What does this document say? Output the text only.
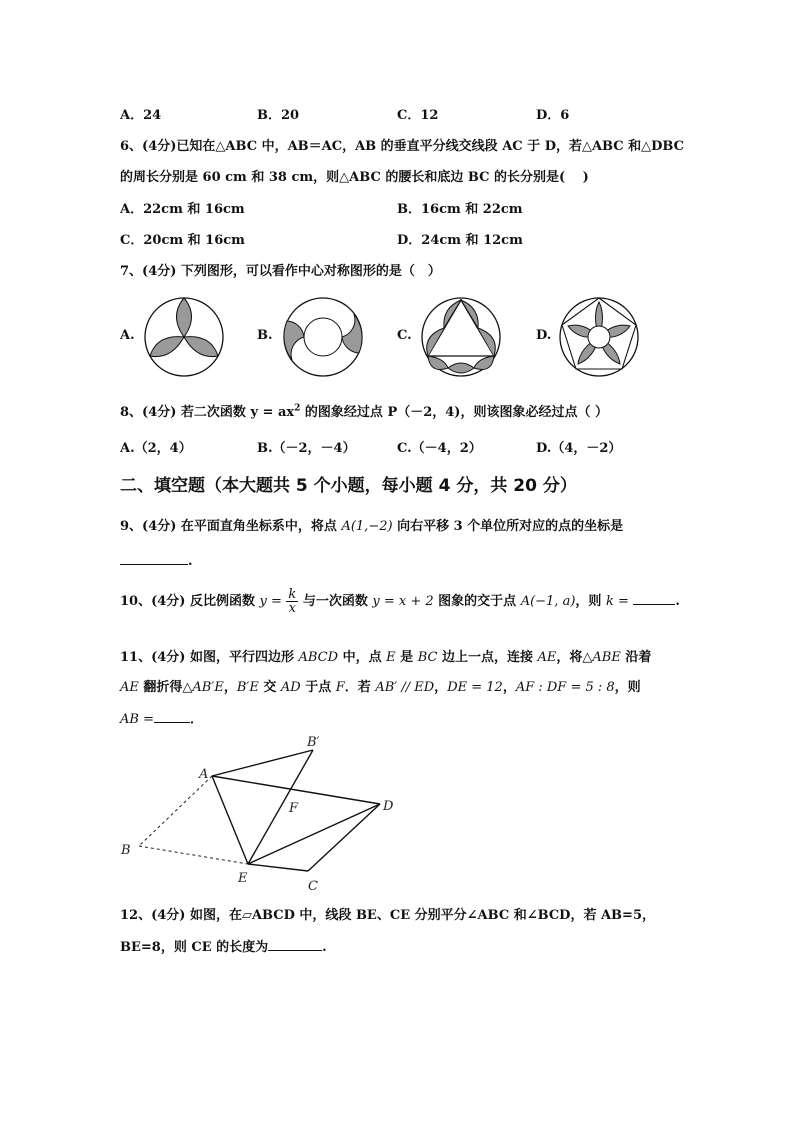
A．24	B．20	C．12	D．6
6、(4分)已知在△ABC 中，AB＝AC，AB 的垂直平分线交线段 AC 于 D，若△ABC 和△DBC
的周长分别是 60 cm 和 38 cm，则△ABC 的腰长和底边 BC 的长分别是(　 )
A．22cm 和 16cm	B．16cm 和 22cm
C．20cm 和 16cm	D．24cm 和 12cm
7、(4分) 下列图形，可以看作中心对称图形的是（　）
A.	B.	C.	D.
8、(4分) 若二次函数 $y = ax^2$ 的图象经过点 P（－2，4)，则该图象必经过点（ ）
A.（2，4）	B.（－2，－4）	C.（－4，2）	D.（4，－2）
二、填空题（本大题共 5 个小题，每小题 4 分，共 20 分）
9、(4分) 在平面直角坐标系中，将点 A(1,−2) 向右平移 3 个单位所对应的点的坐标是
.
10、(4分) 反比例函数 $y = \frac{k}{x}$ 与一次函数 y = x + 2 图象的交于点 A(−1, a)，则 k =	.
11、(4分) 如图，平行四边形 ABCD 中，点 E 是 BC 边上一点，连接 AE，将△ABE 沿着
AE 翻折得△AB′E，B′E 交 AD 于点 F．若 AB′ // ED，DE = 12，AF : DF = 5 : 8，则
AB =	．
A
B′
F	D
B
E
C
12、(4分) 如图，在▱ABCD 中，线段 BE、CE 分别平分∠ABC 和∠BCD，若 AB=5，
BE=8，则 CE 的长度为	.
